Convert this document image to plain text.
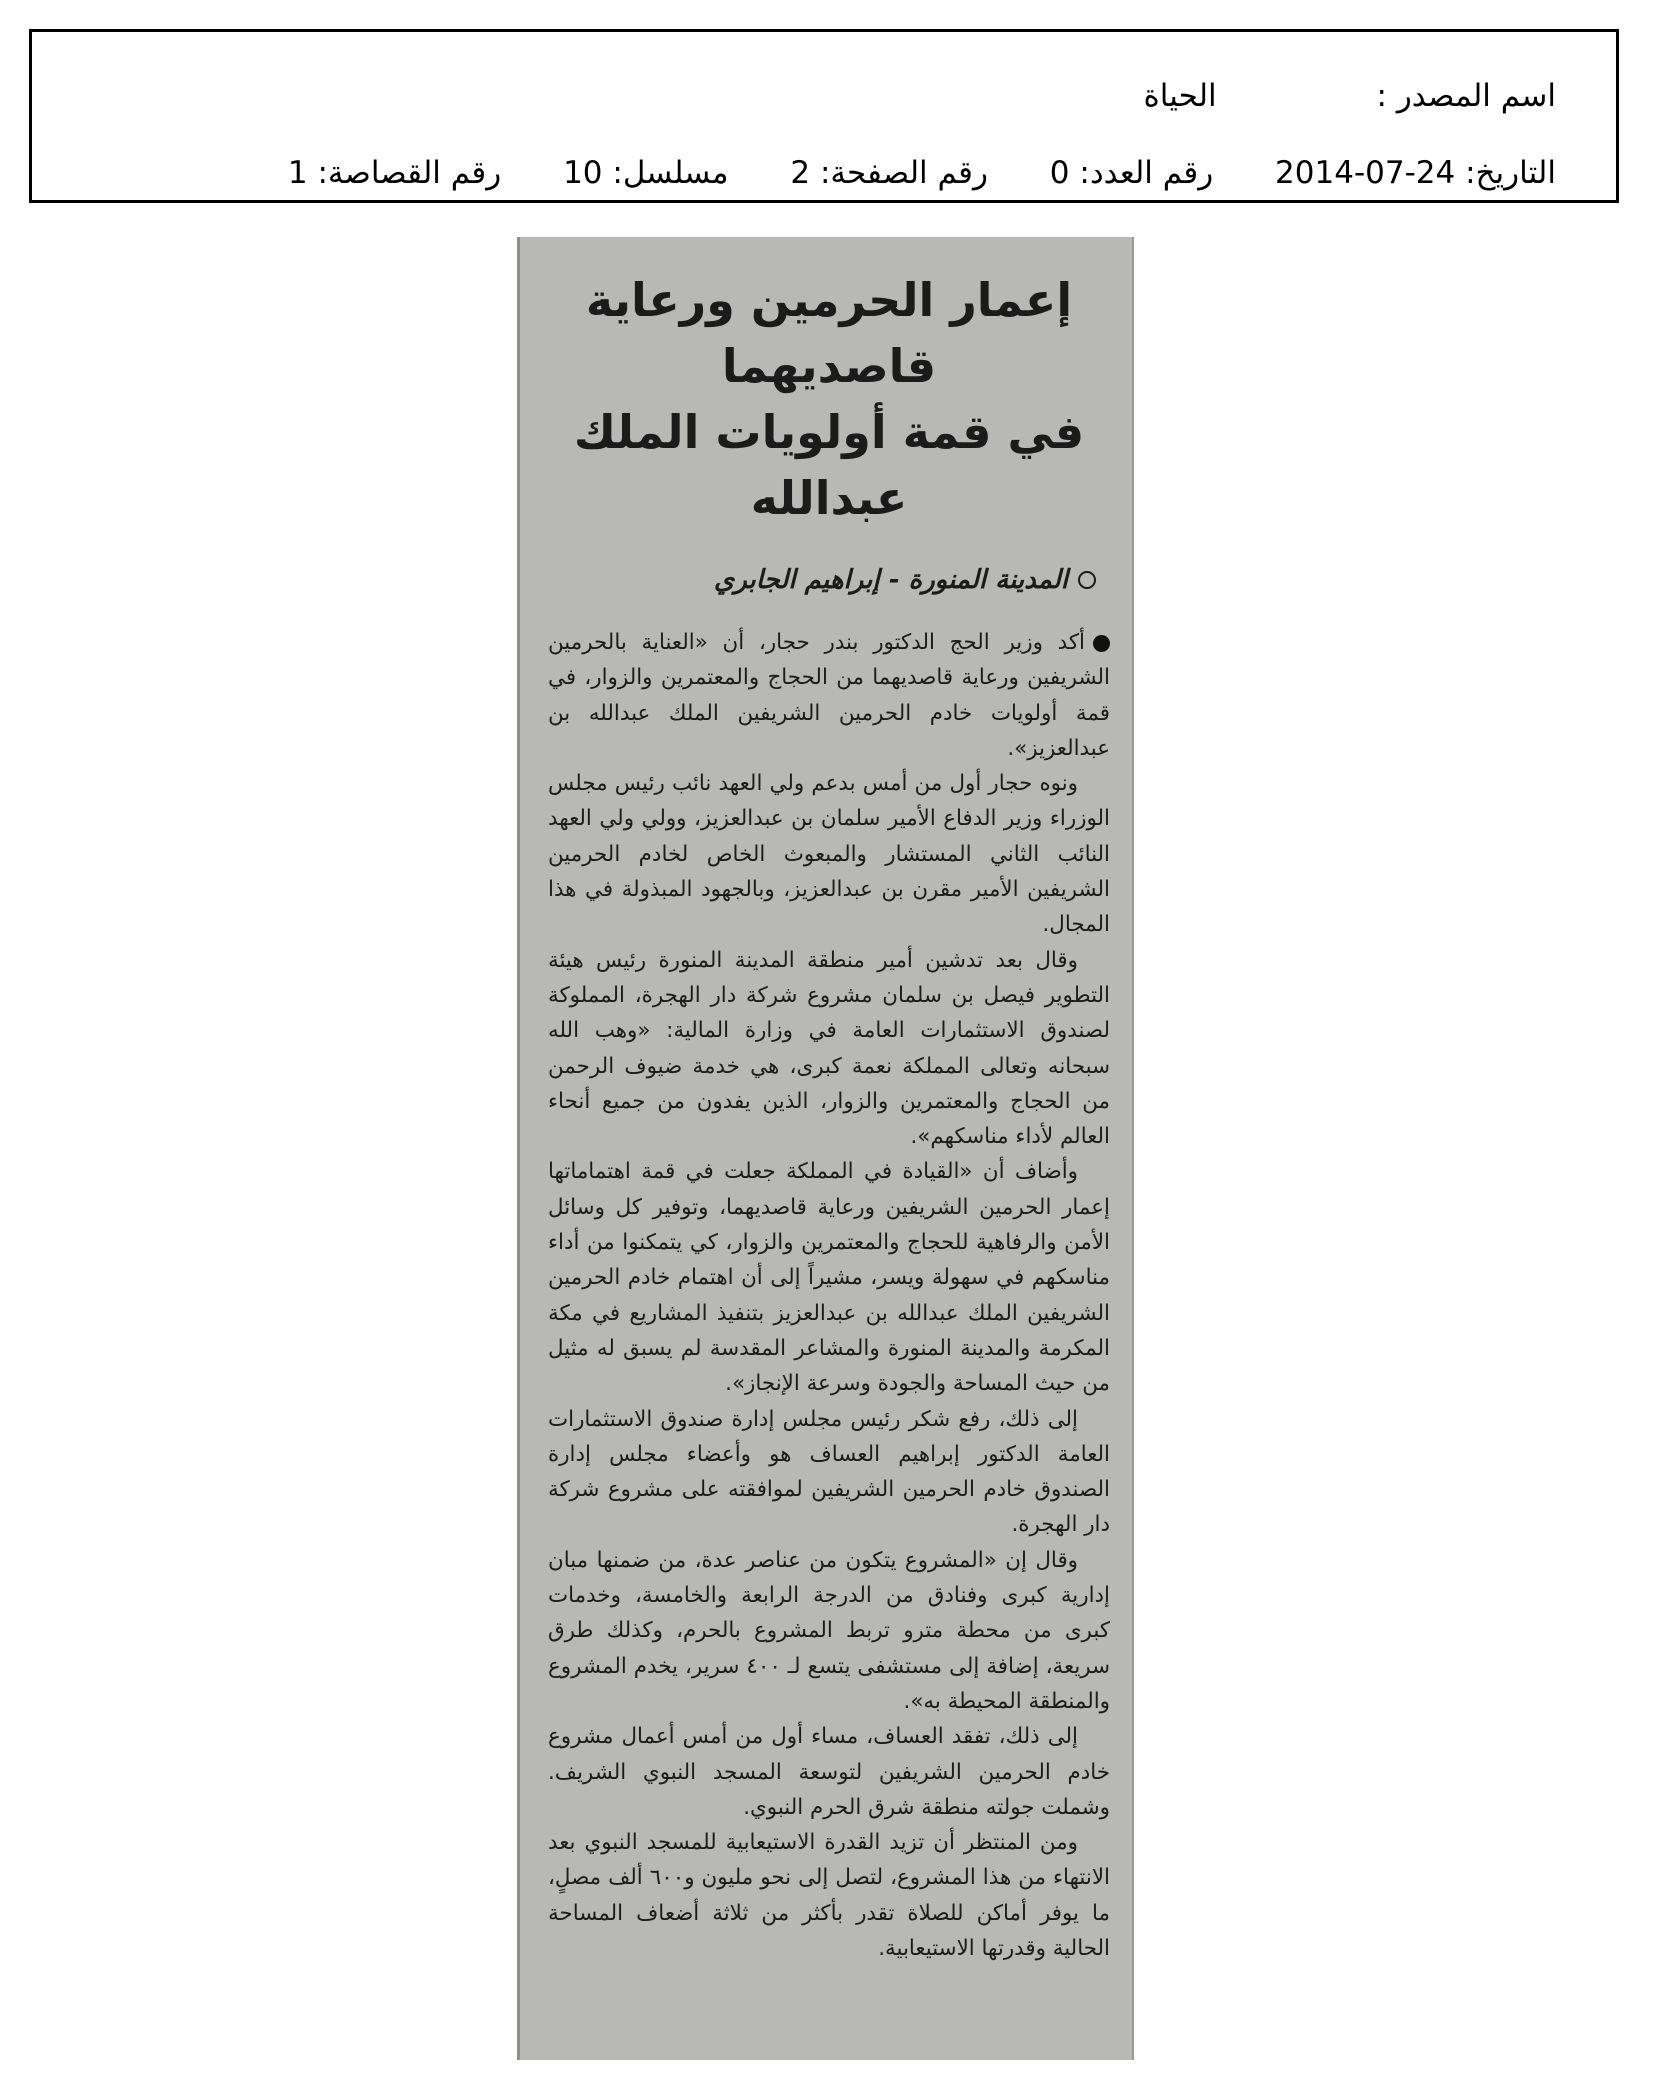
اسم المصدر : الحياة
التاريخ: 2014-07-24 رقم العدد: 0 رقم الصفحة: 2 مسلسل: 10 رقم القصاصة: 1
إعمار الحرمين ورعاية قاصديهما
في قمة أولويات الملك عبدالله
المدينة المنورة - إبراهيم الجابري

أكد وزير الحج الدكتور بندر حجار، أن «العناية بالحرمين الشريفين ورعاية قاصديهما من الحجاج والمعتمرين والزوار، في قمة أولويات خادم الحرمين الشريفين الملك عبدالله بن عبدالعزيز».

ونوه حجار أول من أمس بدعم ولي العهد نائب رئيس مجلس الوزراء وزير الدفاع الأمير سلمان بن عبدالعزيز، وولي ولي العهد النائب الثاني المستشار والمبعوث الخاص لخادم الحرمين الشريفين الأمير مقرن بن عبدالعزيز، وبالجهود المبذولة في هذا المجال.

وقال بعد تدشين أمير منطقة المدينة المنورة رئيس هيئة التطوير فيصل بن سلمان مشروع شركة دار الهجرة، المملوكة لصندوق الاستثمارات العامة في وزارة المالية: «وهب الله سبحانه وتعالى المملكة نعمة كبرى، هي خدمة ضيوف الرحمن من الحجاج والمعتمرين والزوار، الذين يفدون من جميع أنحاء العالم لأداء مناسكهم».

وأضاف أن «القيادة في المملكة جعلت في قمة اهتماماتها إعمار الحرمين الشريفين ورعاية قاصديهما، وتوفير كل وسائل الأمن والرفاهية للحجاج والمعتمرين والزوار، كي يتمكنوا من أداء مناسكهم في سهولة ويسر، مشيراً إلى أن اهتمام خادم الحرمين الشريفين الملك عبدالله بن عبدالعزيز بتنفيذ المشاريع في مكة المكرمة والمدينة المنورة والمشاعر المقدسة لم يسبق له مثيل من حيث المساحة والجودة وسرعة الإنجاز».

إلى ذلك، رفع شكر رئيس مجلس إدارة صندوق الاستثمارات العامة الدكتور إبراهيم العساف هو وأعضاء مجلس إدارة الصندوق خادم الحرمين الشريفين لموافقته على مشروع شركة دار الهجرة.

وقال إن «المشروع يتكون من عناصر عدة، من ضمنها مبان إدارية كبرى وفنادق من الدرجة الرابعة والخامسة، وخدمات كبرى من محطة مترو تربط المشروع بالحرم، وكذلك طرق سريعة، إضافة إلى مستشفى يتسع لـ ٤٠٠ سرير، يخدم المشروع والمنطقة المحيطة به».

إلى ذلك، تفقد العساف، مساء أول من أمس أعمال مشروع خادم الحرمين الشريفين لتوسعة المسجد النبوي الشريف. وشملت جولته منطقة شرق الحرم النبوي.

ومن المنتظر أن تزيد القدرة الاستيعابية للمسجد النبوي بعد الانتهاء من هذا المشروع، لتصل إلى نحو مليون و٦٠٠ ألف مصلٍ، ما يوفر أماكن للصلاة تقدر بأكثر من ثلاثة أضعاف المساحة الحالية وقدرتها الاستيعابية.
